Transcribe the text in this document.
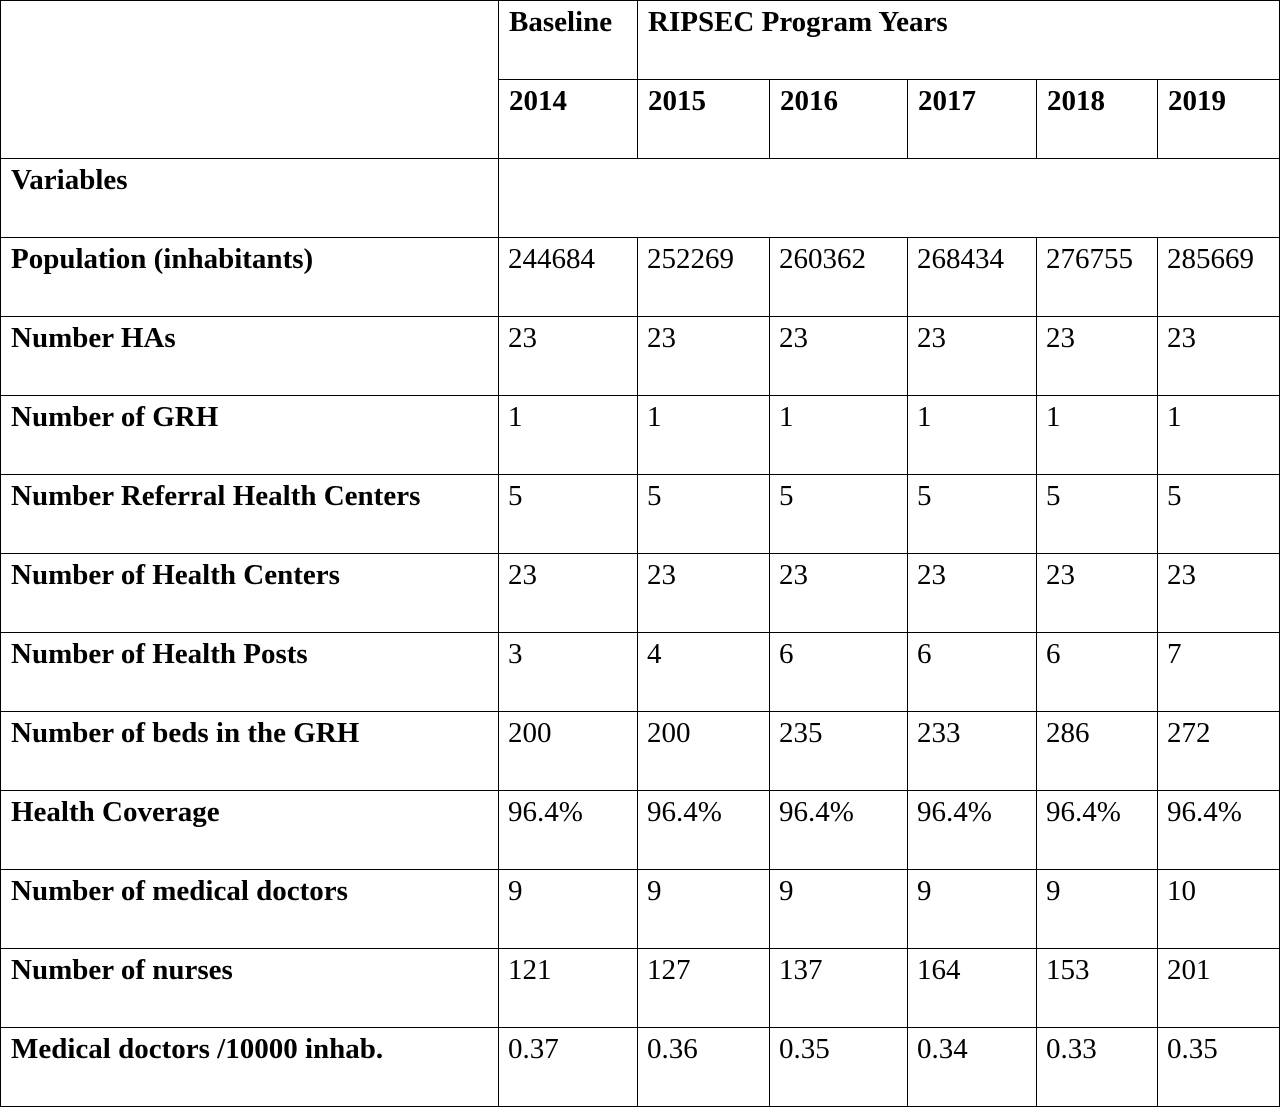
	Baseline	RIPSEC Program Years				
	2014	2015	2016	2017	2018	2019
Variables						
Population (inhabitants)	244684	252269	260362	268434	276755	285669
Number HAs	23	23	23	23	23	23
Number of GRH	1	1	1	1	1	1
Number Referral Health Centers	5	5	5	5	5	5
Number of Health Centers	23	23	23	23	23	23
Number of Health Posts	3	4	6	6	6	7
Number of beds in the GRH	200	200	235	233	286	272
Health Coverage	96.4%	96.4%	96.4%	96.4%	96.4%	96.4%
Number of medical doctors	9	9	9	9	9	10
Number of nurses	121	127	137	164	153	201
Medical doctors /10000 inhab.	0.37	0.36	0.35	0.34	0.33	0.35
